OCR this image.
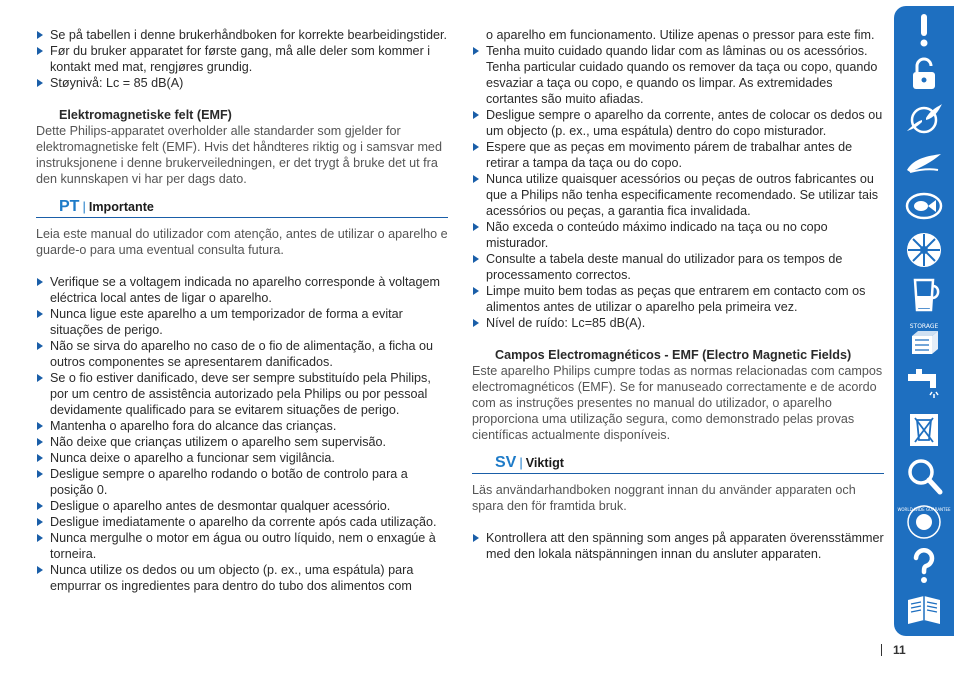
Se på tabellen i denne brukerhåndboken for korrekte bearbeidingstider.
Før du bruker apparatet for første gang, må alle deler som kommer i kontakt med mat, rengjøres grundig.
Støynivå: Lc = 85 dB(A)
Elektromagnetiske felt (EMF)

Dette Philips-apparatet overholder alle standarder som gjelder for elektromagnetiske felt (EMF). Hvis det håndteres riktig og i samsvar med instruksjonene i denne brukerveiledningen, er det trygt å bruke det ut fra den kunnskapen vi har per dags dato.

PT | Importante

Leia este manual do utilizador com atenção, antes de utilizar o aparelho e guarde-o para uma eventual consulta futura.

Verifique se a voltagem indicada no aparelho corresponde à voltagem eléctrica local antes de ligar o aparelho.
Nunca ligue este aparelho a um temporizador de forma a evitar situações de perigo.
Não se sirva do aparelho no caso de o fio de alimentação, a ficha ou outros componentes se apresentarem danificados.
Se o fio estiver danificado, deve ser sempre substituído pela Philips, por um centro de assistência autorizado pela Philips ou por pessoal devidamente qualificado para se evitarem situações de perigo.
Mantenha o aparelho fora do alcance das crianças.
Não deixe que crianças utilizem o aparelho sem supervisão.
Nunca deixe o aparelho a funcionar sem vigilância.
Desligue sempre o aparelho rodando o botão de controlo para a posição 0.
Desligue o aparelho antes de desmontar qualquer acessório.
Desligue imediatamente o aparelho da corrente após cada utilização.
Nunca mergulhe o motor em água ou outro líquido, nem o enxagúe à torneira.
Nunca utilize os dedos ou um objecto (p. ex., uma espátula) para empurrar os ingredientes para dentro do tubo dos alimentos com

o aparelho em funcionamento. Utilize apenas o pressor para este fim.

Tenha muito cuidado quando lidar com as lâminas ou os acessórios. Tenha particular cuidado quando os remover da taça ou copo, quando esvaziar a taça ou copo, e quando os limpar. As extremidades cortantes são muito afiadas.
Desligue sempre o aparelho da corrente, antes de colocar os dedos ou um objecto (p. ex., uma espátula) dentro do copo misturador.
Espere que as peças em movimento párem de trabalhar antes de retirar a tampa da taça ou do copo.
Nunca utilize quaisquer acessórios ou peças de outros fabricantes ou que a Philips não tenha especificamente recomendado. Se utilizar tais acessórios ou peças, a garantia fica invalidada.
Não exceda o conteúdo máximo indicado na taça ou no copo misturador.
Consulte a tabela deste manual do utilizador para os tempos de processamento correctos.
Limpe muito bem todas as peças que entrarem em contacto com os alimentos antes de utilizar o aparelho pela primeira vez.
Nível de ruído: Lc=85 dB(A).
Campos Electromagnéticos - EMF (Electro Magnetic Fields)

Este aparelho Philips cumpre todas as normas relacionadas com campos electromagnéticos (EMF). Se for manuseado correctamente e de acordo com as instruções presentes no manual do utilizador, o aparelho proporciona uma utilização segura, como demonstrado pelas provas científicas actualmente disponíveis.

SV | Viktigt

Läs användarhandboken noggrant innan du använder apparaten och spara den för framtida bruk.

Kontrollera att den spänning som anges på apparaten överensstämmer med den lokala nätspänningen innan du ansluter apparaten.
STORAGE
WORLD-WIDE GUARANTEE
11
